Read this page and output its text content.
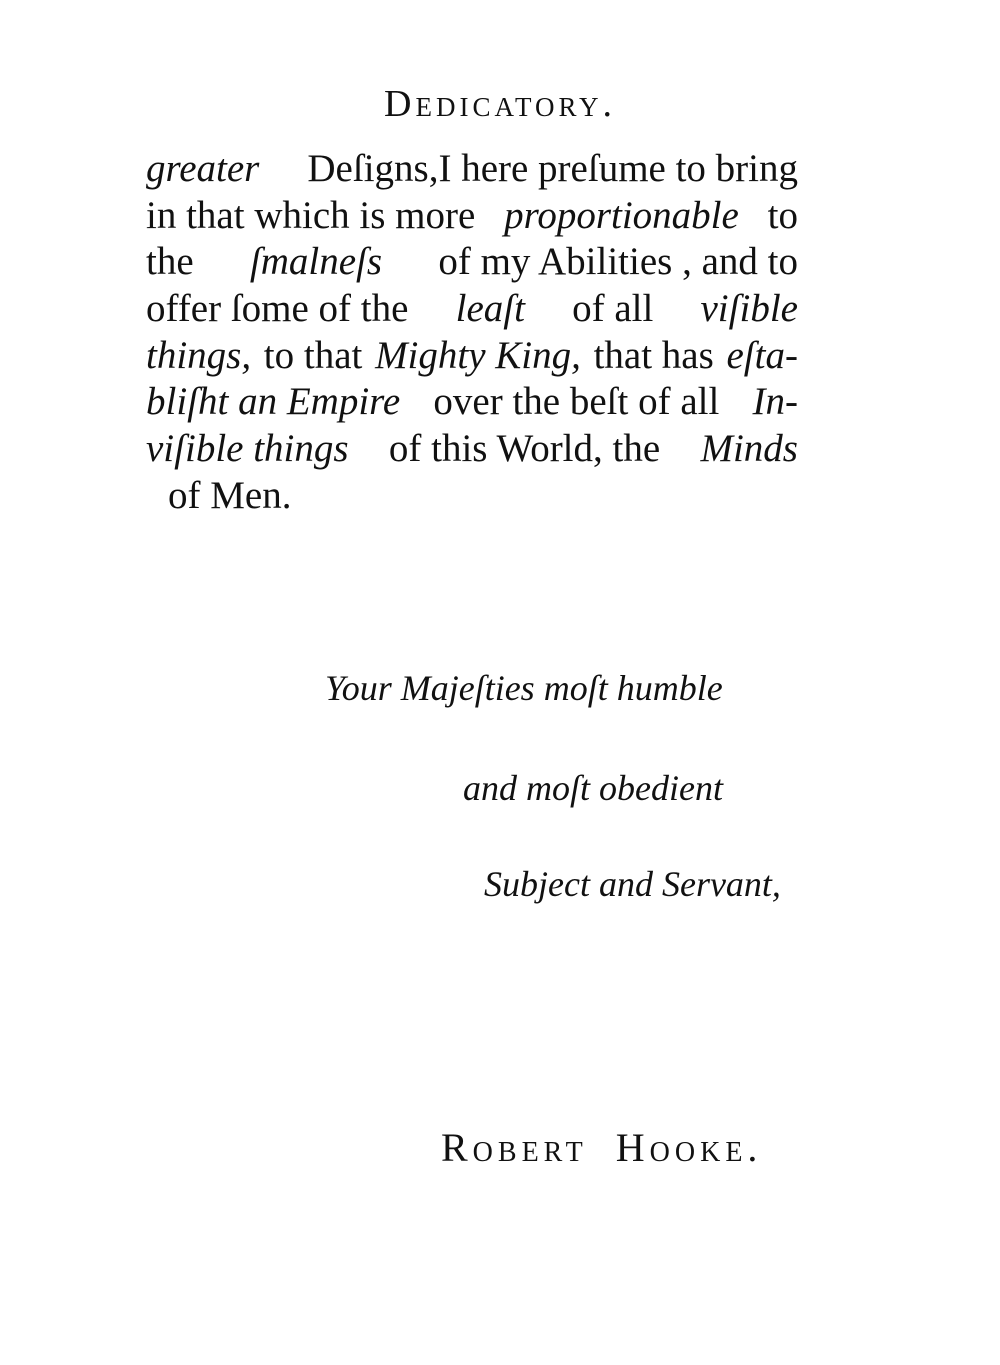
Dedicatory.
greater Deſigns,I here preſume to bring
in that which is more proportionable to
the ſmalneſs of my Abilities , and to
offer ſome of the leaſt of all viſible
things, to that Mighty King, that has eſta-
bliſht an Empire over the beſt of all In-
viſible things of this World, the Minds
of Men.
Your Majeſties moſt humble
and moſt obedient
Subject and Servant,
Robert Hooke.
